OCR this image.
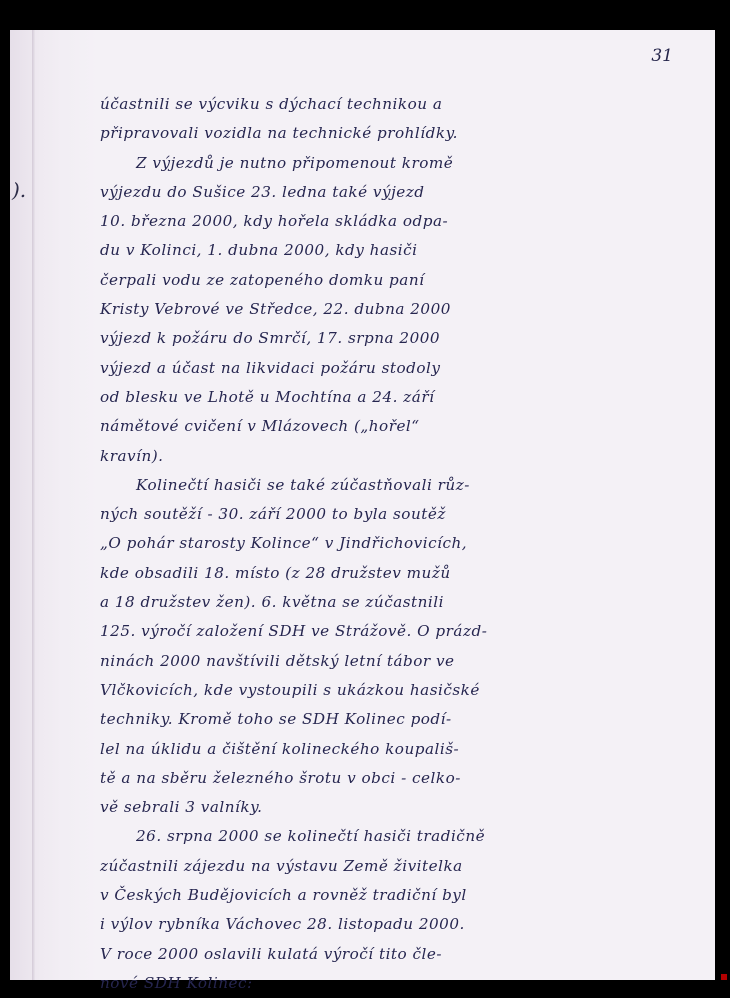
).
31
účastnili se výcviku s dýchací technikou a
připravovali vozidla na technické prohlídky.
Z výjezdů je nutno připomenout kromě
výjezdu do Sušice 23. ledna také výjezd
10. března 2000, kdy hořela skládka odpa-
du v Kolinci, 1. dubna 2000, kdy hasiči
čerpali vodu ze zatopeného domku paní
Kristy Vebrové ve Středce, 22. dubna 2000
výjezd k požáru do Smrčí, 17. srpna 2000
výjezd a účast na likvidaci požáru stodoly
od blesku ve Lhotě u Mochtína a 24. září
námětové cvičení v Mlázovech („hořel“
kravín).
Kolinečtí hasiči se také zúčastňovali růz-
ných soutěží - 30. září 2000 to byla soutěž
„O pohár starosty Kolince“ v Jindřichovicích,
kde obsadili 18. místo (z 28 družstev mužů
a 18 družstev žen). 6. května se zúčastnili
125. výročí založení SDH ve Strážově. O prázd-
ninách 2000 navštívili dětský letní tábor ve
Vlčkovicích, kde vystoupili s ukázkou hasičské
techniky. Kromě toho se SDH Kolinec podí-
lel na úklidu a čištění kolineckého koupališ-
tě a na sběru železného šrotu v obci - celko-
vě sebrali 3 valníky.
26. srpna 2000 se kolinečtí hasiči tradičně
zúčastnili zájezdu na výstavu Země živitelka
v Českých Budějovicích a rovněž tradiční byl
i výlov rybníka Váchovec 28. listopadu 2000.
V roce 2000 oslavili kulatá výročí tito čle-
nové SDH Kolinec:
